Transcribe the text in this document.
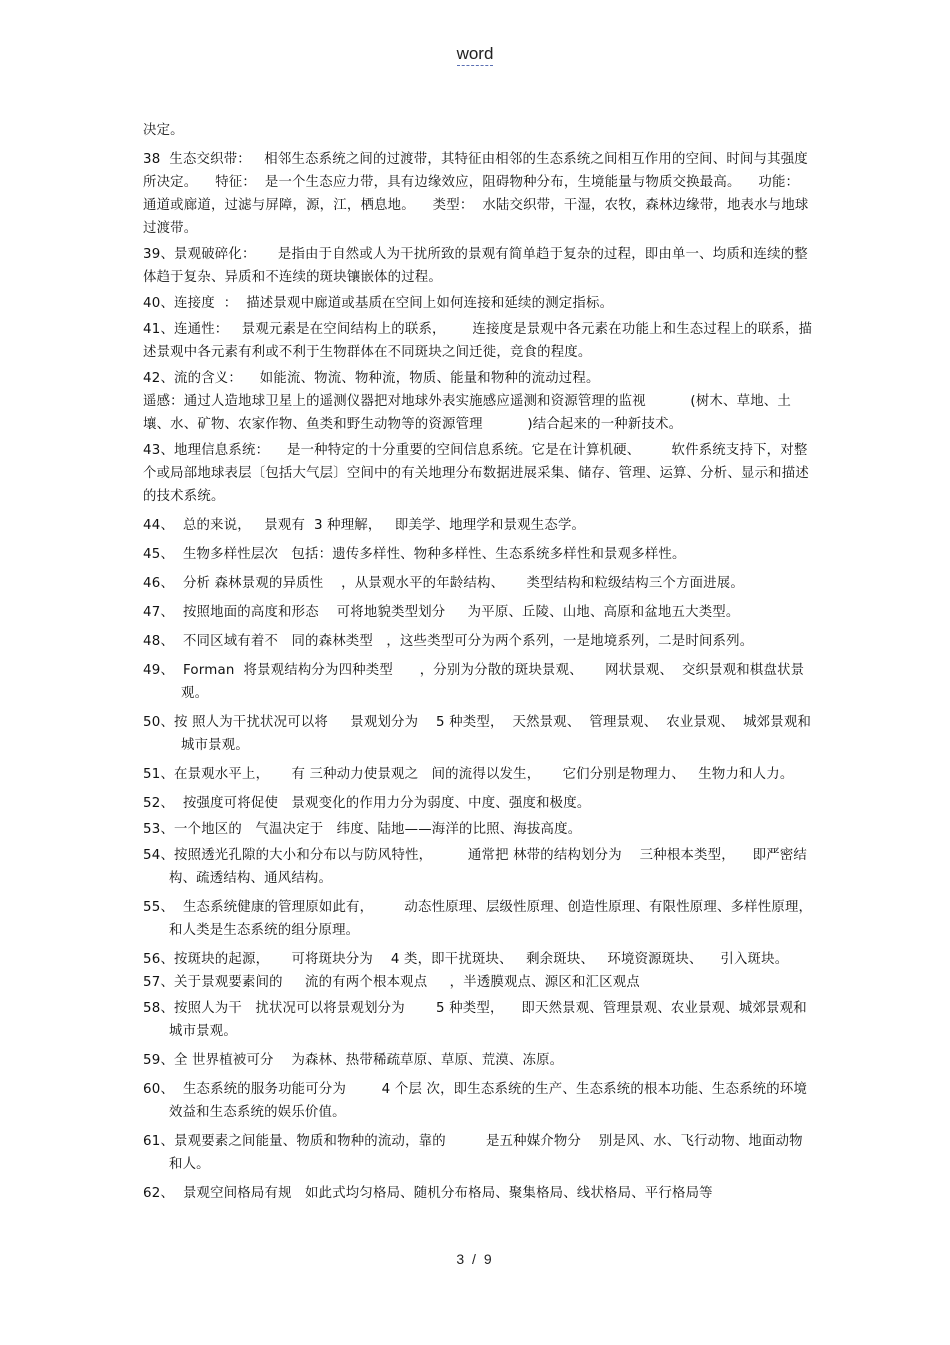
word

决定。

38  生态交织带：   相邻生态系统之间的过渡带，其特征由相邻的生态系统之间相互作用的空间、时间与其强度所决定。    特征：  是一个生态应力带，具有边缘效应，阻碍物种分布，生境能量与物质交换最高。    功能：  通道或廊道，过滤与屏障，源，江，栖息地。    类型：  水陆交织带，干湿，农牧，森林边缘带，地表水与地球过渡带。

39、景观破碎化：     是指由于自然或人为干扰所致的景观有简单趋于复杂的过程，即由单一、均质和连续的整体趋于复杂、异质和不连续的斑块镶嵌体的过程。

40、连接度  ：  描述景观中廊道或基质在空间上如何连接和延续的测定指标。

41、连通性：   景观元素是在空间结构上的联系，      连接度是景观中各元素在功能上和生态过程上的联系，描述景观中各元素有利或不利于生物群体在不同斑块之间迁徙，竞食的程度。

42、流的含义：    如能流、物流、物种流，物质、能量和物种的流动过程。

遥感：通过人造地球卫星上的遥测仪器把对地球外表实施感应遥测和资源管理的监视          (树木、草地、土壤、水、矿物、农家作物、鱼类和野生动物等的资源管理          )结合起来的一种新技术。

43、地理信息系统：    是一种特定的十分重要的空间信息系统。它是在计算机硬、       软件系统支持下，对整个或局部地球表层〔包括大气层〕空间中的有关地理分布数据进展采集、储存、管理、运算、分析、显示和描述的技术系统。

44、  总的来说，   景观有  3 种理解，   即美学、地理学和景观生态学。

45、  生物多样性层次   包括：遗传多样性、物种多样性、生态系统多样性和景观多样性。

46、  分析 森林景观的异质性    ，从景观水平的年龄结构、     类型结构和粒级结构三个方面进展。

47、  按照地面的高度和形态    可将地貌类型划分     为平原、丘陵、山地、高原和盆地五大类型。

48、  不同区域有着不   同的森林类型   ，这些类型可分为两个系列，一是地境系列，二是时间系列。

49、  Forman  将景观结构分为四种类型      ，分别为分散的斑块景观、     网状景观、  交织景观和棋盘状景观。

50、按 照人为干扰状况可以将     景观划分为    5 种类型，  天然景观、  管理景观、  农业景观、  城郊景观和城市景观。

51、在景观水平上，     有 三种动力使景观之   间的流得以发生，     它们分别是物理力、   生物力和人力。

52、  按强度可将促使   景观变化的作用力分为弱度、中度、强度和极度。

53、一个地区的   气温决定于   纬度、陆地——海洋的比照、海拔高度。

54、按照透光孔隙的大小和分布以与防风特性，        通常把 林带的结构划分为    三种根本类型，    即严密结构、疏透结构、通风结构。

55、  生态系统健康的管理原如此有，       动态性原理、层级性原理、创造性原理、有限性原理、多样性原理，和人类是生态系统的组分原理。

56、按斑块的起源，     可将斑块分为    4 类，即干扰斑块、   剩余斑块、   环境资源斑块、    引入斑块。

57、关于景观要素间的     流的有两个根本观点     ，半透膜观点、源区和汇区观点

58、按照人为干   扰状况可以将景观划分为       5 种类型，    即天然景观、管理景观、农业景观、城郊景观和城市景观。

59、全 世界植被可分    为森林、热带稀疏草原、草原、荒漠、冻原。

60、  生态系统的服务功能可分为        4 个层 次，即生态系统的生产、生态系统的根本功能、生态系统的环境效益和生态系统的娱乐价值。

61、景观要素之间能量、物质和物种的流动，靠的         是五种媒介物分    别是风、水、飞行动物、地面动物和人。

62、  景观空间格局有规   如此式均匀格局、随机分布格局、聚集格局、线状格局、平行格局等

3 / 9
